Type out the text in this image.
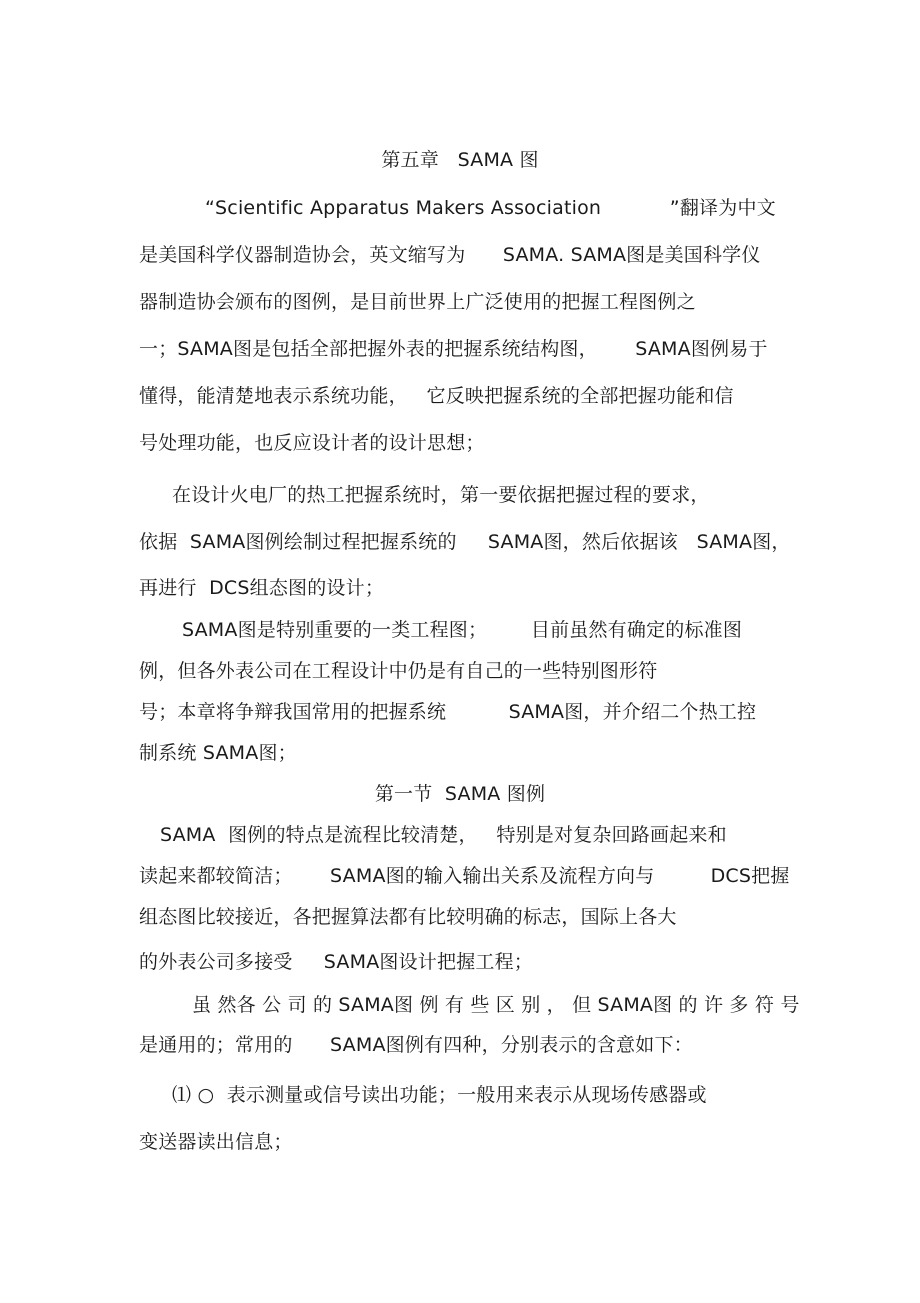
第五章   SAMA 图
“Scientific Apparatus Makers Association           ”翻译为中文
是美国科学仪器制造协会，英文缩写为      SAMA. SAMA图是美国科学仪
器制造协会颁布的图例，是目前世界上广泛使用的把握工程图例之
一；SAMA图是包括全部把握外表的把握系统结构图，      SAMA图例易于
懂得，能清楚地表示系统功能，   它反映把握系统的全部把握功能和信
号处理功能，也反应设计者的设计思想；
在设计火电厂的热工把握系统时，第一要依据把握过程的要求，
依据  SAMA图例绘制过程把握系统的     SAMA图，然后依据该   SAMA图，
再进行  DCS组态图的设计；
SAMA图是特别重要的一类工程图；       目前虽然有确定的标准图
例，但各外表公司在工程设计中仍是有自己的一些特别图形符
号；本章将争辩我国常用的把握系统          SAMA图，并介绍二个热工控
制系统 SAMA图；
第一节  SAMA 图例
SAMA  图例的特点是流程比较清楚，   特别是对复杂回路画起来和
读起来都较简洁；      SAMA图的输入输出关系及流程方向与         DCS把握
组态图比较接近，各把握算法都有比较明确的标志，国际上各大
的外表公司多接受     SAMA图设计把握工程；
虽 然各 公 司 的 SAMA图 例 有 些 区 别 ， 但 SAMA图 的 许 多 符 号
是通用的；常用的      SAMA图例有四种，分别表示的含意如下：
⑴ ○  表示测量或信号读出功能；一般用来表示从现场传感器或
变送器读出信息；
